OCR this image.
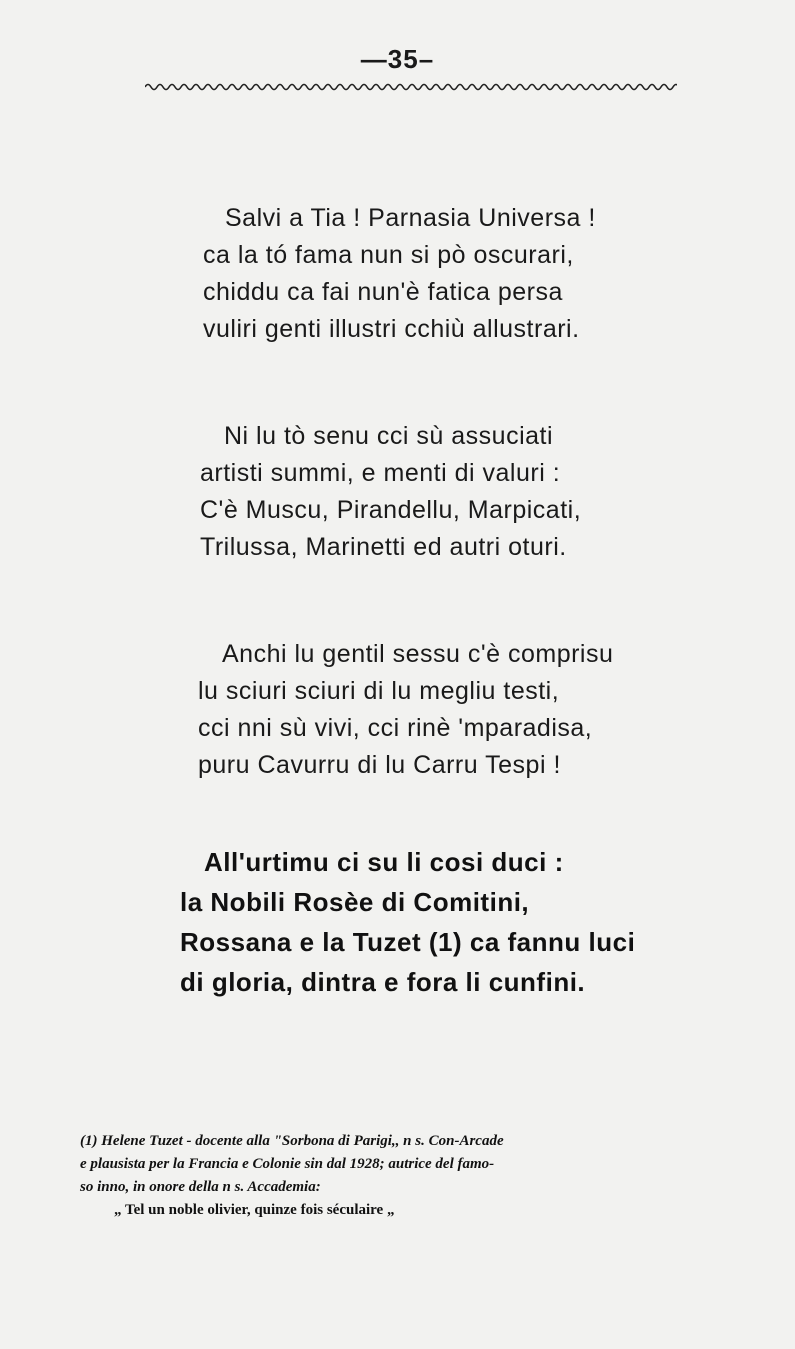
—35–
Salvi a Tia ! Parnasia Universa !
ca la tó fama nun si pò oscurari,
chiddu ca fai nun'è fatica persa
vuliri genti illustri cchiù allustrari.
Ni lu tò senu cci sù assuciati
artisti summi, e menti di valuri :
C'è Muscu, Pirandellu, Marpicati,
Trilussa, Marinetti ed autri oturi.
Anchi lu gentil sessu c'è comprisu
lu sciuri sciuri di lu megliu testi,
cci nni sù vivi, cci rinè 'mparadisa,
puru Cavurru di lu Carru Tespi !
All'urtimu ci su li cosi duci :
la Nobili Rosèe di Comitini,
Rossana e la Tuzet (1) ca fannu luci
di gloria, dintra e fora li cunfini.
(1) Helene Tuzet - docente alla "Sorbona di Parigi,, n s. Con-Arcade
e plausista per la Francia e Colonie sin dal 1928; autrice del famo-
so inno, in onore della n s. Accademia:
„ Tel un noble olivier, quinze fois séculaire „
